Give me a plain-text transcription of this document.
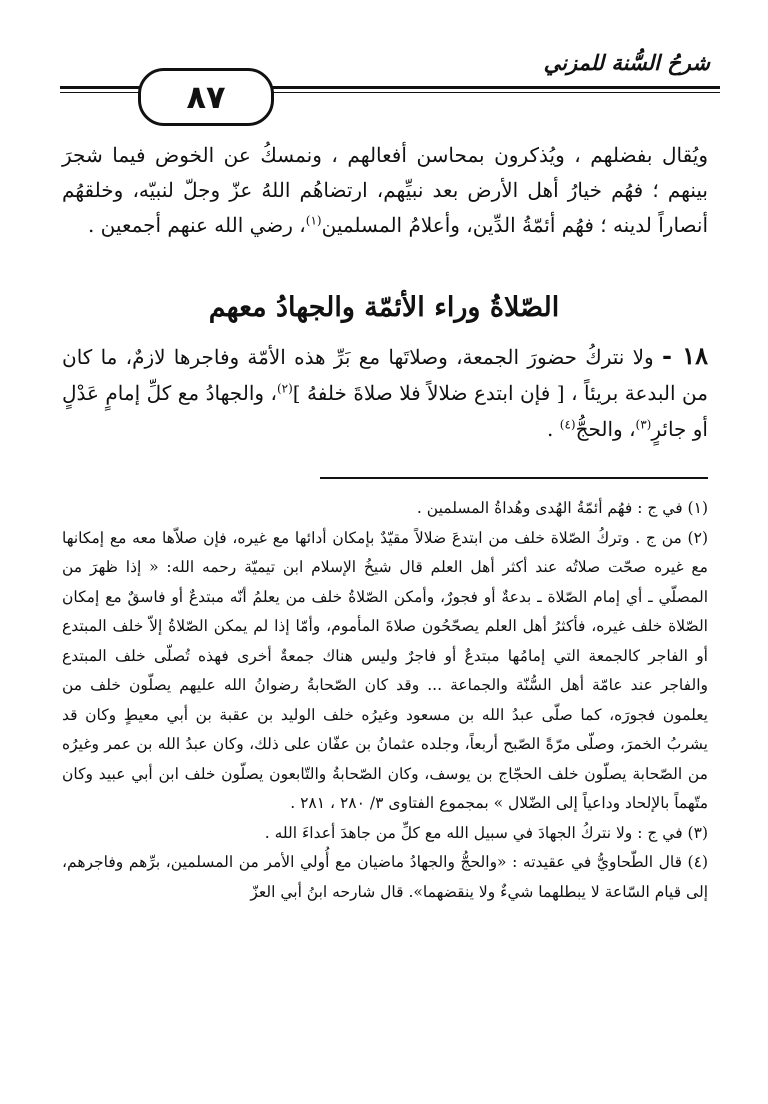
شرحُ السُّنة للمزني
٨٧

ويُقال بفضلهم ، ويُذكرون بمحاسن أفعالهم ، ونمسكُ عن الخوض فيما شجرَ بينهم ؛ فهُم خيارُ أهل الأرض بعد نبيِّهم، ارتضاهُم اللهُ عزّ وجلّ لنبيّه، وخلقهُم أنصاراً لدينه ؛ فهُم أئمّةُ الدِّين، وأعلامُ المسلمين$^{(١)}$، رضي الله عنهم أجمعين .

الصّلاةُ وراء الأئمّة والجهادُ معهم
١٨ - ولا نتركُ حضورَ الجمعة، وصلاتَها مع بَرِّ هذه الأمّة وفاجرها لازمٌ، ما كان من البدعة بريئاً ، [ فإن ابتدع ضلالاً فلا صلاةَ خلفهُ ]$^{(٢)}$، والجهادُ مع كلِّ إمامٍ عَدْلٍ أو جائرٍ$^{(٣)}$، والحجُّ$^{(٤)}$ .

(١) في ج : فهُم أئمّةُ الهُدى وهُداةُ المسلمين .

(٢) من ج . وتركُ الصّلاة خلف من ابتدعَ ضلالاً مقيّدٌ بإمكان أدائها مع غيره، فإن صلاّها معه مع إمكانها مع غيره صحّت صلاتُه عند أكثر أهل العلم قال شيخُ الإسلام ابن تيميّة رحمه الله: « إذا ظهرَ من المصلّي ـ أي إمام الصّلاة ـ بدعةٌ أو فجورٌ، وأمكن الصّلاةُ خلف من يعلمُ أنّه مبتدعٌ أو فاسقٌ مع إمكان الصّلاة خلف غيره، فأكثرُ أهل العلم يصحّحُون صلاةَ المأموم، وأمّا إذا لم يمكن الصّلاةُ إلاّ خلف المبتدع أو الفاجر كالجمعة التي إمامُها مبتدعٌ أو فاجرٌ وليس هناك جمعةٌ أخرى فهذه تُصلّى خلف المبتدع والفاجر عند عامّة أهل السُّنّة والجماعة ... وقد كان الصّحابةُ رضوانُ الله عليهم يصلّون خلف من يعلمون فجورَه، كما صلّى عبدُ الله بن مسعود وغيرُه خلف الوليد بن عقبة بن أبي معيطٍ وكان قد يشربُ الخمرَ، وصلّى مرّةً الصّبح أربعاً، وجلده عثمانُ بن عفّان على ذلك، وكان عبدُ الله بن عمر وغيرُه من الصّحابة يصلّون خلف الحجّاج بن يوسف، وكان الصّحابةُ والتّابعون يصلّون خلف ابن أبي عبيد وكان متّهماً بالإلحاد وداعياً إلى الضّلال » بمجموع الفتاوى ٣/ ٢٨٠ ، ٢٨١ .

(٣) في ج : ولا نتركُ الجهادَ في سبيل الله مع كلِّ من جاهدَ أعداءَ الله .

(٤) قال الطّحاويُّ في عقيدته : «والحجُّ والجهادُ ماضيان مع أُولي الأمر من المسلمين، برِّهم وفاجرهم، إلى قيام السّاعة لا يبطلهما شيءٌ ولا ينقضهما». قال شارحه ابنُ أبي العزّ
